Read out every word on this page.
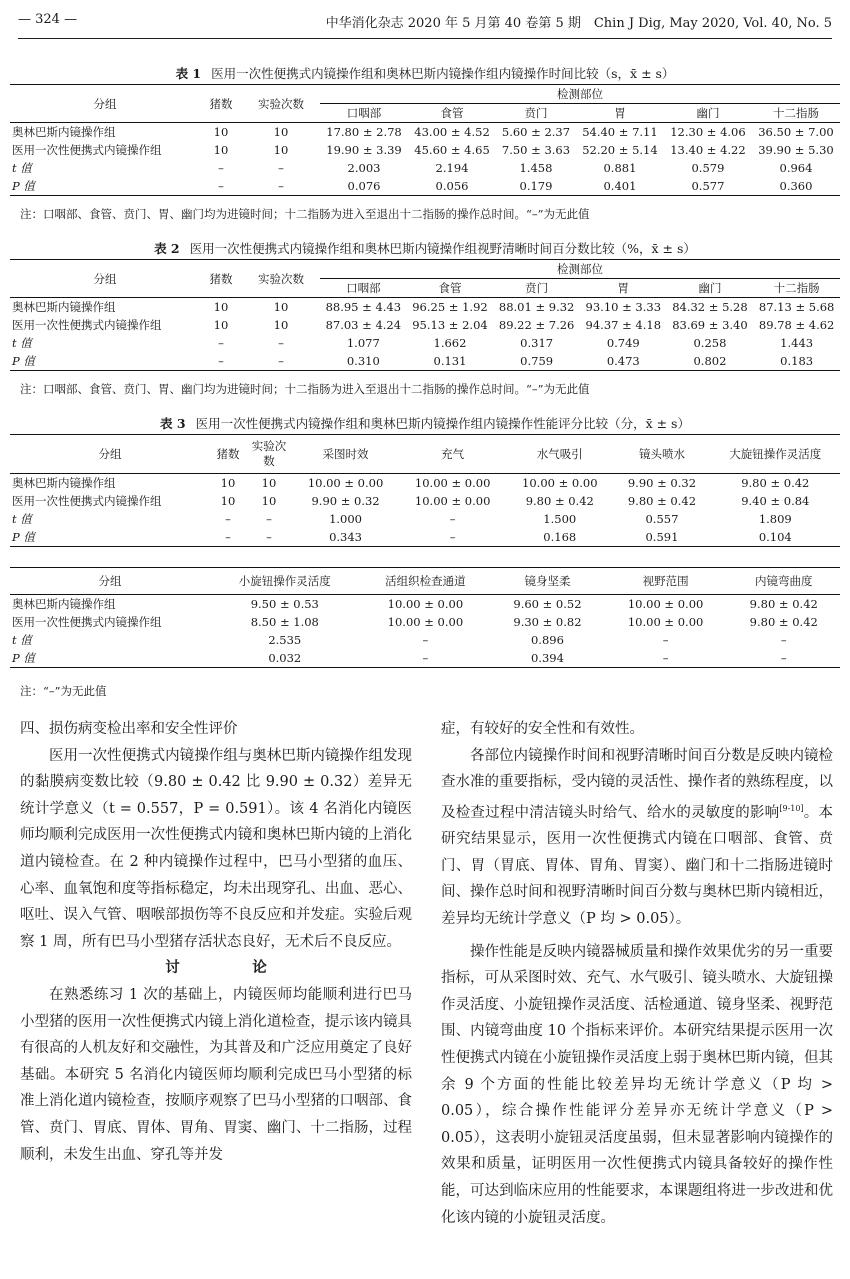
— 324 —	中华消化杂志 2020 年 5 月第 40 卷第 5 期　Chin J Dig, May 2020, Vol. 40, No. 5
表 1 医用一次性便携式内镜操作组和奥林巴斯内镜操作组内镜操作时间比较（s，x̄ ± s）
分组	猪数	实验次数	检测部位					
			口咽部	食管	贲门	胃	幽门	十二指肠
奥林巴斯内镜操作组	10	10	17.80 ± 2.78	43.00 ± 4.52	5.60 ± 2.37	54.40 ± 7.11	12.30 ± 4.06	36.50 ± 7.00
医用一次性便携式内镜操作组	10	10	19.90 ± 3.39	45.60 ± 4.65	7.50 ± 3.63	52.20 ± 5.14	13.40 ± 4.22	39.90 ± 5.30
t 值	–	–	2.003	2.194	1.458	0.881	0.579	0.964
P 值	–	–	0.076	0.056	0.179	0.401	0.577	0.360
注：口咽部、食管、贲门、胃、幽门均为进镜时间；十二指肠为进入至退出十二指肠的操作总时间。“–”为无此值
表 2 医用一次性便携式内镜操作组和奥林巴斯内镜操作组视野清晰时间百分数比较（%，x̄ ± s）
分组	猪数	实验次数	检测部位					
			口咽部	食管	贲门	胃	幽门	十二指肠
奥林巴斯内镜操作组	10	10	88.95 ± 4.43	96.25 ± 1.92	88.01 ± 9.32	93.10 ± 3.33	84.32 ± 5.28	87.13 ± 5.68
医用一次性便携式内镜操作组	10	10	87.03 ± 4.24	95.13 ± 2.04	89.22 ± 7.26	94.37 ± 4.18	83.69 ± 3.40	89.78 ± 4.62
t 值	–	–	1.077	1.662	0.317	0.749	0.258	1.443
P 值	–	–	0.310	0.131	0.759	0.473	0.802	0.183
注：口咽部、食管、贲门、胃、幽门均为进镜时间；十二指肠为进入至退出十二指肠的操作总时间。“–”为无此值
表 3 医用一次性便携式内镜操作组和奥林巴斯内镜操作组内镜操作性能评分比较（分，x̄ ± s）
分组	猪数	实验次数	采图时效	充气	水气吸引	镜头喷水	大旋钮操作灵活度
奥林巴斯内镜操作组	10	10	10.00 ± 0.00	10.00 ± 0.00	10.00 ± 0.00	9.90 ± 0.32	9.80 ± 0.42
医用一次性便携式内镜操作组	10	10	9.90 ± 0.32	10.00 ± 0.00	9.80 ± 0.42	9.80 ± 0.42	9.40 ± 0.84
t 值	–	–	1.000	–	1.500	0.557	1.809
P 值	–	–	0.343	–	0.168	0.591	0.104
分组	小旋钮操作灵活度	活组织检查通道	镜身坚柔	视野范围	内镜弯曲度
奥林巴斯内镜操作组	9.50 ± 0.53	10.00 ± 0.00	9.60 ± 0.52	10.00 ± 0.00	9.80 ± 0.42
医用一次性便携式内镜操作组	8.50 ± 1.08	10.00 ± 0.00	9.30 ± 0.82	10.00 ± 0.00	9.80 ± 0.42
t 值	2.535	–	0.896	–	–
P 值	0.032	–	0.394	–	–
注：“–”为无此值

四、损伤病变检出率和安全性评价

医用一次性便携式内镜操作组与奥林巴斯内镜操作组发现的黏膜病变数比较（9.80 ± 0.42 比 9.90 ± 0.32）差异无统计学意义（t = 0.557，P = 0.591）。该 4 名消化内镜医师均顺利完成医用一次性便携式内镜和奥林巴斯内镜的上消化道内镜检查。在 2 种内镜操作过程中，巴马小型猪的血压、心率、血氧饱和度等指标稳定，均未出现穿孔、出血、恶心、呕吐、误入气管、咽喉部损伤等不良反应和并发症。实验后观察 1 周，所有巴马小型猪存活状态良好，无术后不良反应。

讨　论

在熟悉练习 1 次的基础上，内镜医师均能顺利进行巴马小型猪的医用一次性便携式内镜上消化道检查，提示该内镜具有很高的人机友好和交融性，为其普及和广泛应用奠定了良好基础。本研究 5 名消化内镜医师均顺利完成巴马小型猪的标准上消化道内镜检查，按顺序观察了巴马小型猪的口咽部、食管、贲门、胃底、胃体、胃角、胃窦、幽门、十二指肠，过程顺利，未发生出血、穿孔等并发

症，有较好的安全性和有效性。

各部位内镜操作时间和视野清晰时间百分数是反映内镜检查水准的重要指标，受内镜的灵活性、操作者的熟练程度，以及检查过程中清洁镜头时给气、给水的灵敏度的影响[9-10]。本研究结果显示，医用一次性便携式内镜在口咽部、食管、贲门、胃（胃底、胃体、胃角、胃窦）、幽门和十二指肠进镜时间、操作总时间和视野清晰时间百分数与奥林巴斯内镜相近，差异均无统计学意义（P 均 > 0.05）。

操作性能是反映内镜器械质量和操作效果优劣的另一重要指标，可从采图时效、充气、水气吸引、镜头喷水、大旋钮操作灵活度、小旋钮操作灵活度、活检通道、镜身坚柔、视野范围、内镜弯曲度 10 个指标来评价。本研究结果提示医用一次性便携式内镜在小旋钮操作灵活度上弱于奥林巴斯内镜，但其余 9 个方面的性能比较差异均无统计学意义（P 均 > 0.05），综合操作性能评分差异亦无统计学意义（P > 0.05），这表明小旋钮灵活度虽弱，但未显著影响内镜操作的效果和质量，证明医用一次性便携式内镜具备较好的操作性能，可达到临床应用的性能要求，本课题组将进一步改进和优化该内镜的小旋钮灵活度。
